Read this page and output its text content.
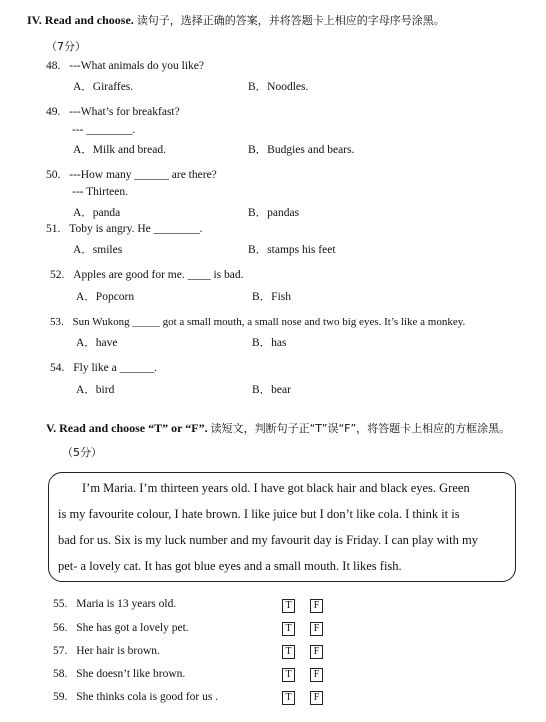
IV. Read and choose. 读句子，选择正确的答案，并将答题卡上相应的字母序号涂黑。
（7分）
48. ---What animals do you like?
A．Giraffes.	B．Noodles.
49. ---What’s for breakfast?
--- ________.
A．Milk and bread.	B．Budgies and bears.
50. ---How many ______ are there?
--- Thirteen.
A．panda	B．pandas
51. Toby is angry. He ________.
A．smiles	B．stamps his feet
52. Apples are good for me. ____ is bad.
A．Popcorn	B．Fish
53. Sun Wukong _____ got a small mouth, a small nose and two big eyes. It’s like a monkey.
A．have	B．has
54. Fly like a ______.
A．bird	B．bear
V. Read and choose “T” or “F”. 读短文，判断句子正“T”误“F”，将答题卡上相应的方框涂黑。
（5分）
I’m Maria. I’m thirteen years old. I have got black hair and black eyes. Green
is my favourite colour, I hate brown. I like juice but I don’t like cola. I think it is
bad for us. Six is my luck number and my favourit day is Friday. I can play with my
pet- a lovely cat. It has got blue eyes and a small mouth. It likes fish.
55. Maria is 13 years old.	T	F
56. She has got a lovely pet.	T	F
57. Her hair is brown.	T	F
58. She doesn’t like brown.	T	F
59. She thinks cola is good for us .	T	F
